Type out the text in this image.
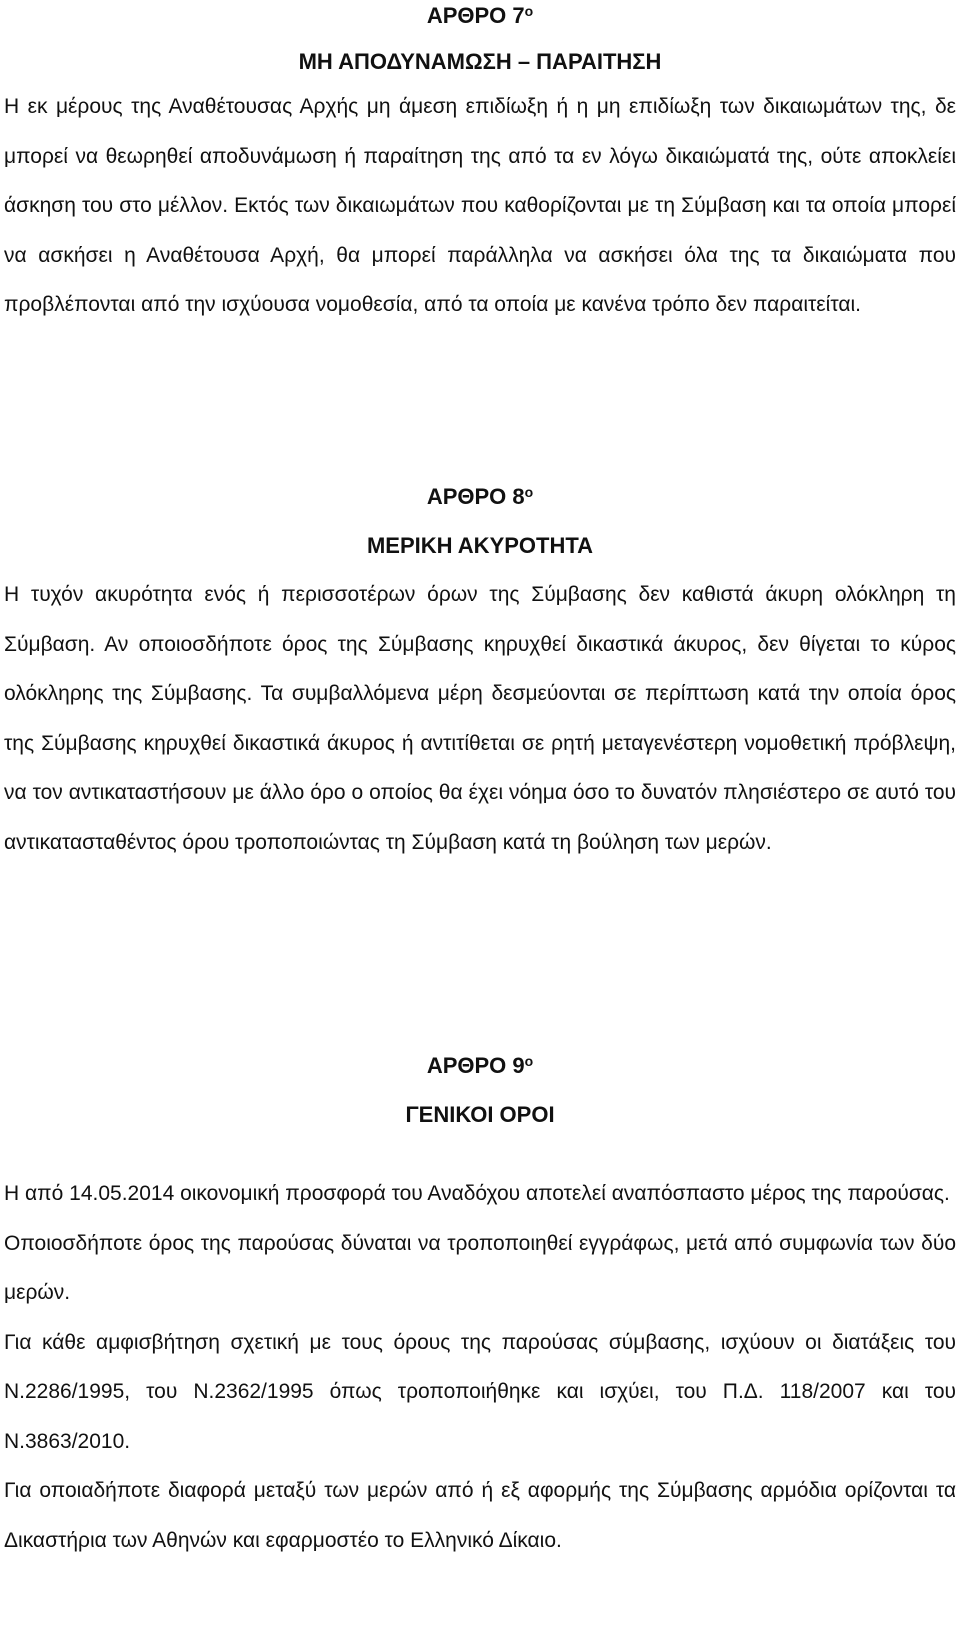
ΑΡΘΡΟ $7^o$

ΜΗ ΑΠΟΔΥΝΑΜΩΣΗ – ΠΑΡΑΙΤΗΣΗ

Η εκ μέρους της Αναθέτουσας Αρχής μη άμεση επιδίωξη ή η μη επιδίωξη των δικαιωμάτων της, δε μπορεί να θεωρηθεί αποδυνάμωση ή παραίτηση της από τα εν λόγω δικαιώματά της, ούτε αποκλείει άσκηση του στο μέλλον. Εκτός των δικαιωμάτων που καθορίζονται με τη Σύμβαση και τα οποία μπορεί να ασκήσει η Αναθέτουσα Αρχή, θα μπορεί παράλληλα να ασκήσει όλα της τα δικαιώματα που προβλέπονται από την ισχύουσα νομοθεσία, από τα οποία με κανένα τρόπο δεν παραιτείται.

ΑΡΘΡΟ $8^o$

ΜΕΡΙΚΗ ΑΚΥΡΟΤΗΤΑ

Η τυχόν ακυρότητα ενός ή περισσοτέρων όρων της Σύμβασης δεν καθιστά άκυρη ολόκληρη τη Σύμβαση. Αν οποιοσδήποτε όρος της Σύμβασης κηρυχθεί δικαστικά άκυρος, δεν θίγεται το κύρος ολόκληρης της Σύμβασης. Τα συμβαλλόμενα μέρη δεσμεύονται σε περίπτωση κατά την οποία όρος της Σύμβασης κηρυχθεί δικαστικά άκυρος ή αντιτίθεται σε ρητή μεταγενέστερη νομοθετική πρόβλεψη, να τον αντικαταστήσουν με άλλο όρο ο οποίος θα έχει νόημα όσο το δυνατόν πλησιέστερο σε αυτό του αντικατασταθέντος όρου τροποποιώντας τη Σύμβαση κατά τη βούληση των μερών.

ΑΡΘΡΟ $9^o$

ΓΕΝΙΚΟΙ ΟΡΟΙ

Η από 14.05.2014 οικονομική προσφορά του Αναδόχου αποτελεί αναπόσπαστο μέρος της παρούσας.

Οποιοσδήποτε όρος της παρούσας δύναται να τροποποιηθεί εγγράφως, μετά από συμφωνία των δύο μερών.

Για κάθε αμφισβήτηση σχετική με τους όρους της παρούσας σύμβασης, ισχύουν οι διατάξεις του Ν.2286/1995, του Ν.2362/1995 όπως τροποποιήθηκε και ισχύει, του Π.Δ. 118/2007 και του Ν.3863/2010.

Για οποιαδήποτε διαφορά μεταξύ των μερών από ή εξ αφορμής της Σύμβασης αρμόδια ορίζονται τα Δικαστήρια των Αθηνών και εφαρμοστέο το Ελληνικό Δίκαιο.
